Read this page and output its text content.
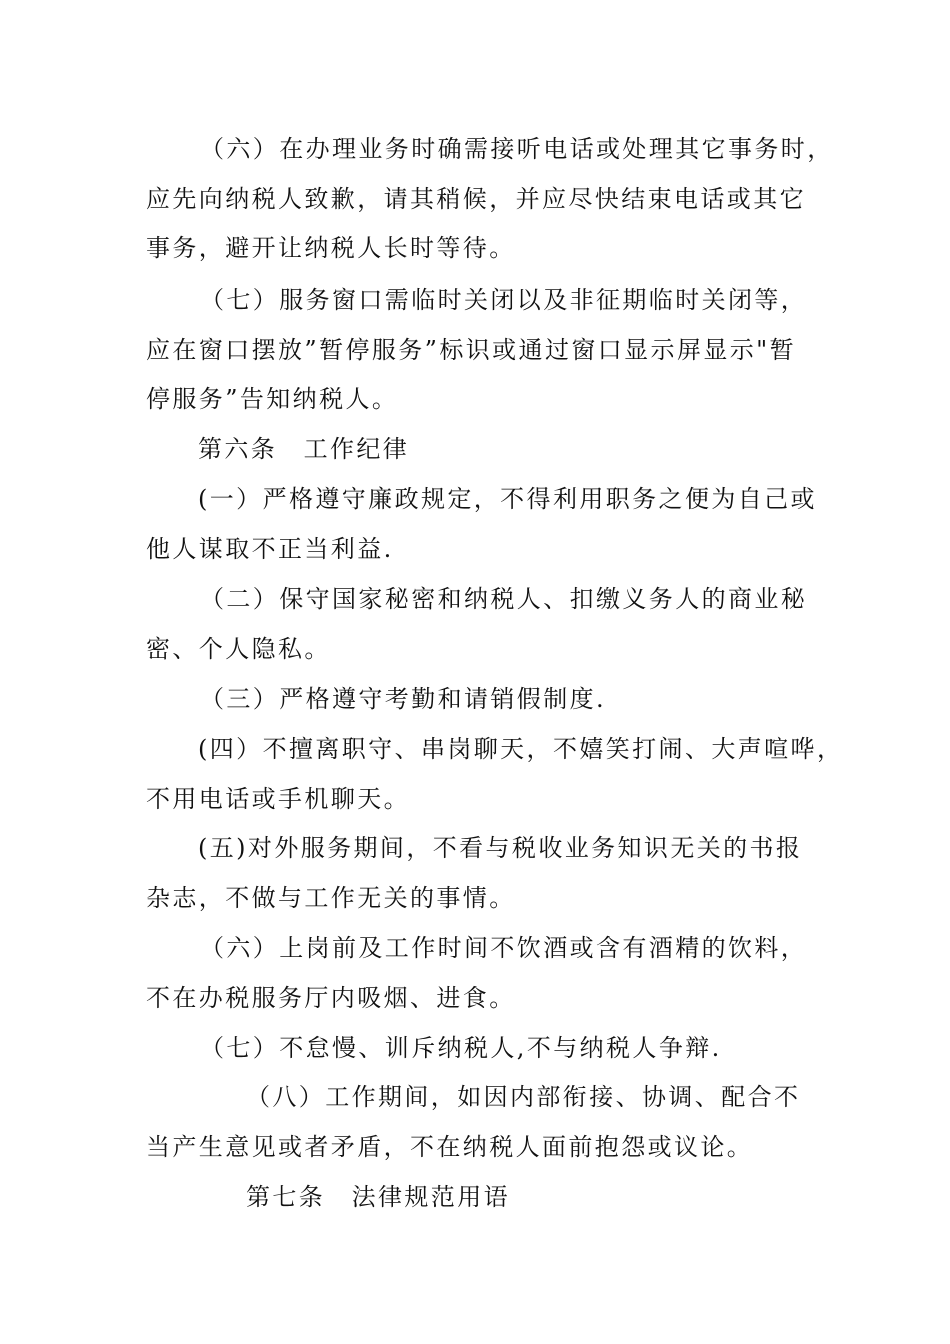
（六）在办理业务时确需接听电话或处理其它事务时，
应先向纳税人致歉，请其稍候，并应尽快结束电话或其它
事务，避开让纳税人长时等待。
（七）服务窗口需临时关闭以及非征期临时关闭等，
应在窗口摆放”暂停服务”标识或通过窗口显示屏显示"暂
停服务”告知纳税人。
第六条　工作纪律
(一）严格遵守廉政规定，不得利用职务之便为自己或
他人谋取不正当利益.
（二）保守国家秘密和纳税人、扣缴义务人的商业秘
密、个人隐私。
（三）严格遵守考勤和请销假制度.
(四）不擅离职守、串岗聊天，不嬉笑打闹、大声喧哗，
不用电话或手机聊天。
(五)对外服务期间，不看与税收业务知识无关的书报
杂志，不做与工作无关的事情。
（六）上岗前及工作时间不饮酒或含有酒精的饮料，
不在办税服务厅内吸烟、进食。
（七）不怠慢、训斥纳税人,不与纳税人争辩.
（八）工作期间，如因内部衔接、协调、配合不
当产生意见或者矛盾，不在纳税人面前抱怨或议论。
第七条　法律规范用语
